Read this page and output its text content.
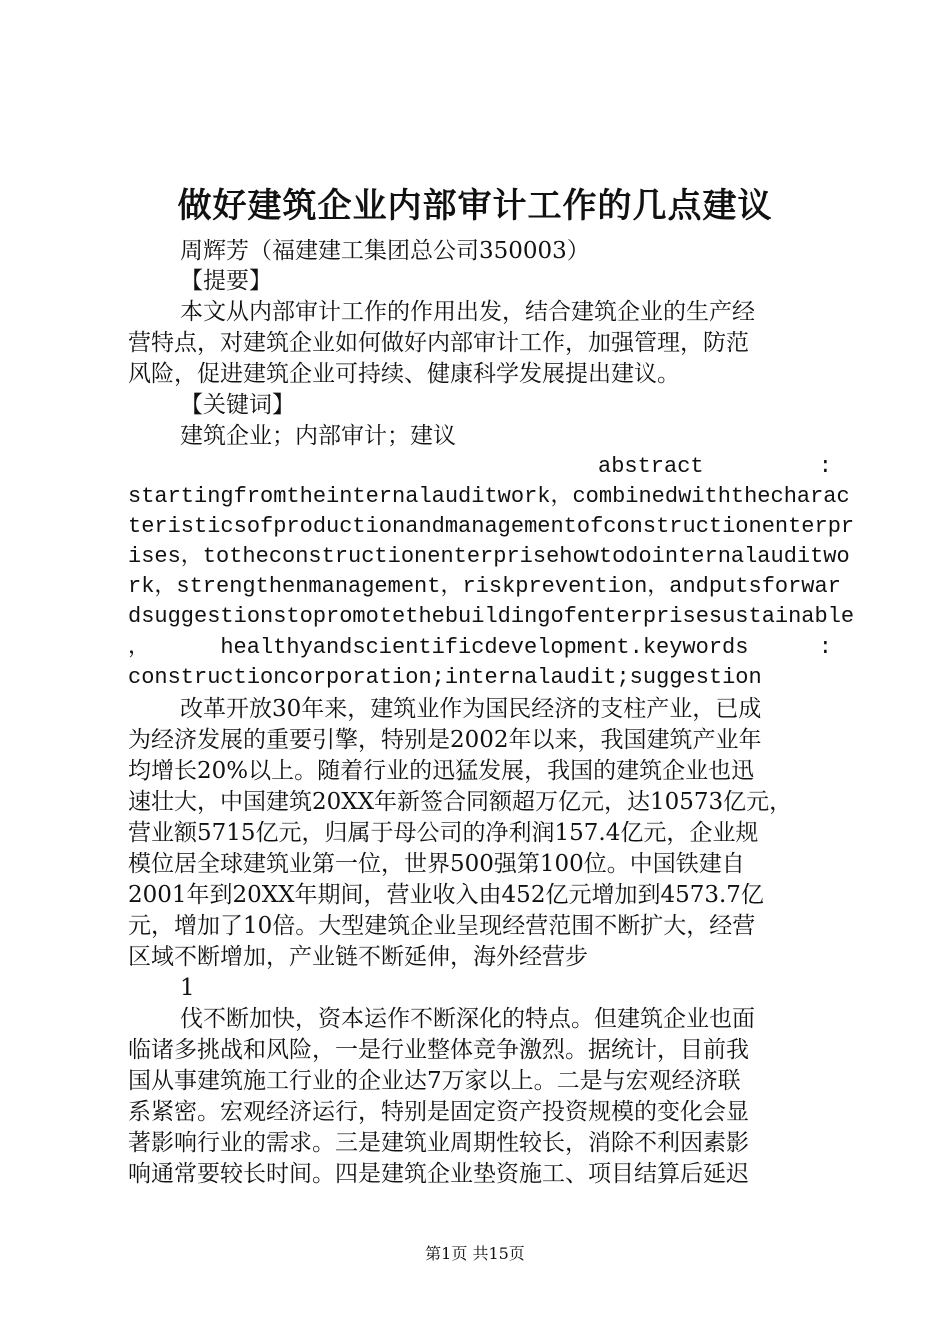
做好建筑企业内部审计工作的几点建议

周辉芳（福建建工集团总公司350003）

【提要】

本文从内部审计工作的作用出发，结合建筑企业的生产经

营特点，对建筑企业如何做好内部审计工作，加强管理，防范

风险，促进建筑企业可持续、健康科学发展提出建议。

【关键词】

建筑企业；内部审计；建议

abstract	:

startingfromtheinternalauditwork，combinedwiththecharac

teristicsofproductionandmanagementofconstructionenterpr

ises，totheconstructionenterprisehowtodointernalauditwo

rk，strengthenmanagement，riskprevention，andputsforwar

dsuggestionstopromotethebuildingofenterprisesustainable

，	healthyandscientificdevelopment.keywords	:

constructioncorporation;internalaudit;suggestion

改革开放30年来，建筑业作为国民经济的支柱产业，已成

为经济发展的重要引擎，特别是2002年以来，我国建筑产业年

均增长20%以上。随着行业的迅猛发展，我国的建筑企业也迅

速壮大，中国建筑20XX年新签合同额超万亿元，达10573亿元，

营业额5715亿元，归属于母公司的净利润157.4亿元，企业规

模位居全球建筑业第一位，世界500强第100位。中国铁建自

2001年到20XX年期间，营业收入由452亿元增加到4573.7亿

元，增加了10倍。大型建筑企业呈现经营范围不断扩大，经营

区域不断增加，产业链不断延伸，海外经营步

1

伐不断加快，资本运作不断深化的特点。但建筑企业也面

临诸多挑战和风险，一是行业整体竞争激烈。据统计，目前我

国从事建筑施工行业的企业达7万家以上。二是与宏观经济联

系紧密。宏观经济运行，特别是固定资产投资规模的变化会显

著影响行业的需求。三是建筑业周期性较长，消除不利因素影

响通常要较长时间。四是建筑企业垫资施工、项目结算后延迟

第1页 共15页
